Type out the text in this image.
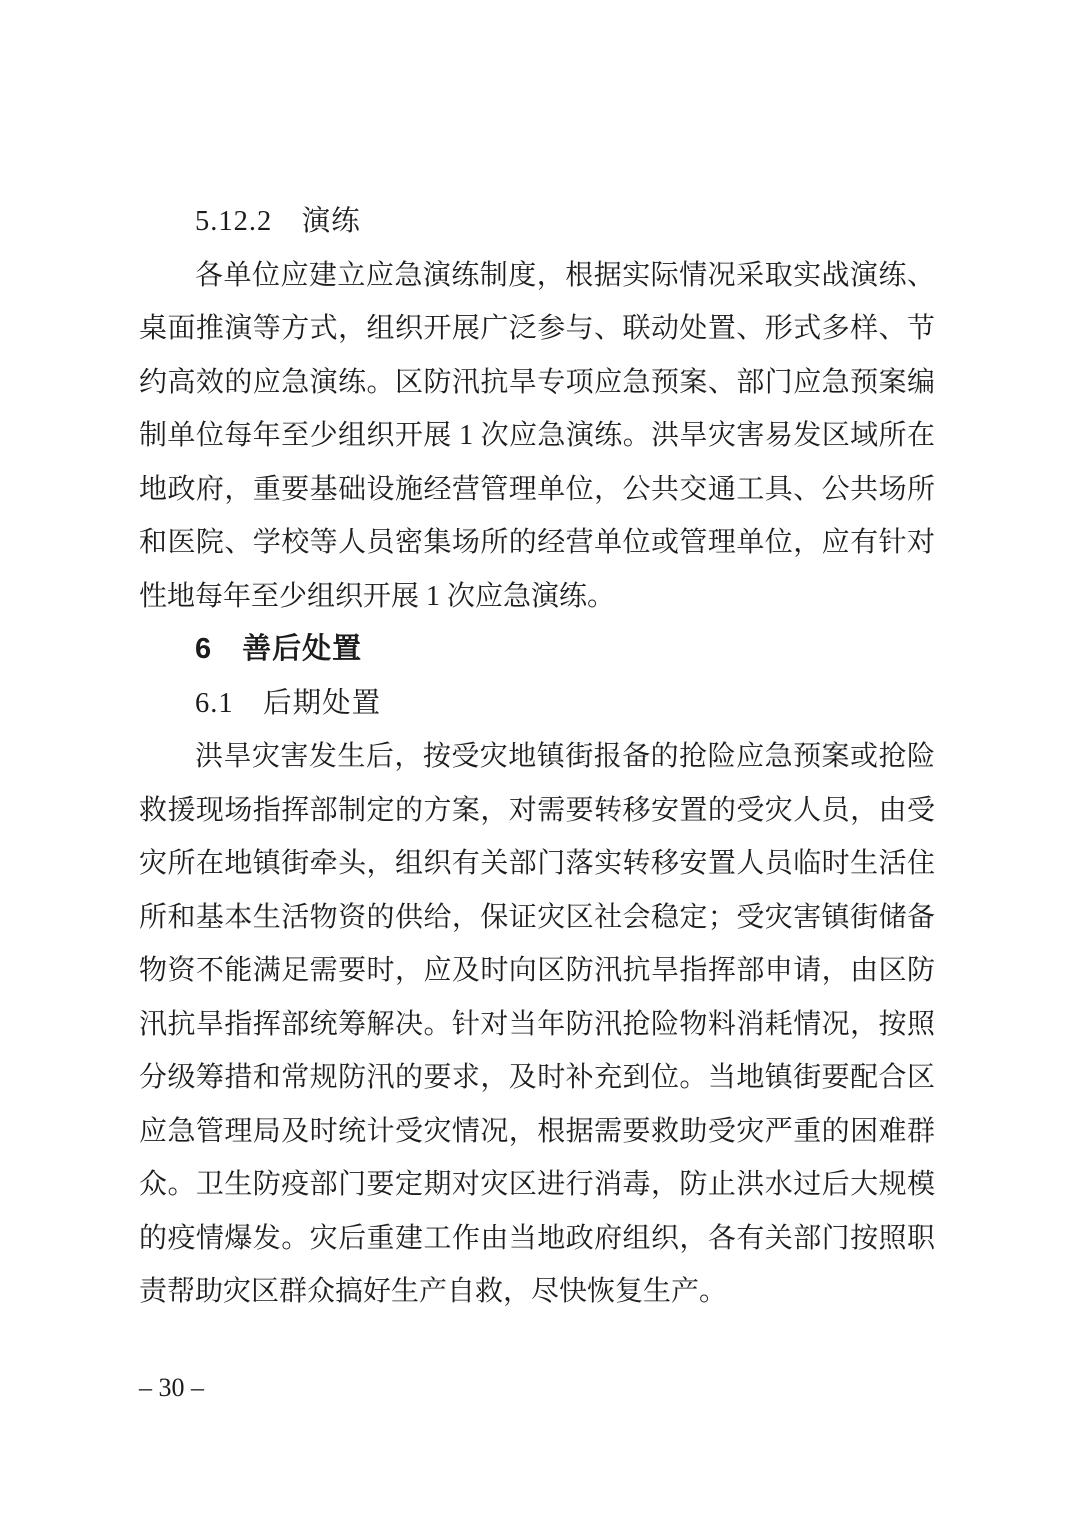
5.12.2　演练
各单位应建立应急演练制度，根据实际情况采取实战演练、
桌面推演等方式，组织开展广泛参与、联动处置、形式多样、节
约高效的应急演练。区防汛抗旱专项应急预案、部门应急预案编
制单位每年至少组织开展 1 次应急演练。洪旱灾害易发区域所在
地政府，重要基础设施经营管理单位，公共交通工具、公共场所
和医院、学校等人员密集场所的经营单位或管理单位，应有针对
性地每年至少组织开展 1 次应急演练。
6　善后处置
6.1　后期处置
洪旱灾害发生后，按受灾地镇街报备的抢险应急预案或抢险
救援现场指挥部制定的方案，对需要转移安置的受灾人员，由受
灾所在地镇街牵头，组织有关部门落实转移安置人员临时生活住
所和基本生活物资的供给，保证灾区社会稳定；受灾害镇街储备
物资不能满足需要时，应及时向区防汛抗旱指挥部申请，由区防
汛抗旱指挥部统筹解决。针对当年防汛抢险物料消耗情况，按照
分级筹措和常规防汛的要求，及时补充到位。当地镇街要配合区
应急管理局及时统计受灾情况，根据需要救助受灾严重的困难群
众。卫生防疫部门要定期对灾区进行消毒，防止洪水过后大规模
的疫情爆发。灾后重建工作由当地政府组织，各有关部门按照职
责帮助灾区群众搞好生产自救，尽快恢复生产。
– 30 –
